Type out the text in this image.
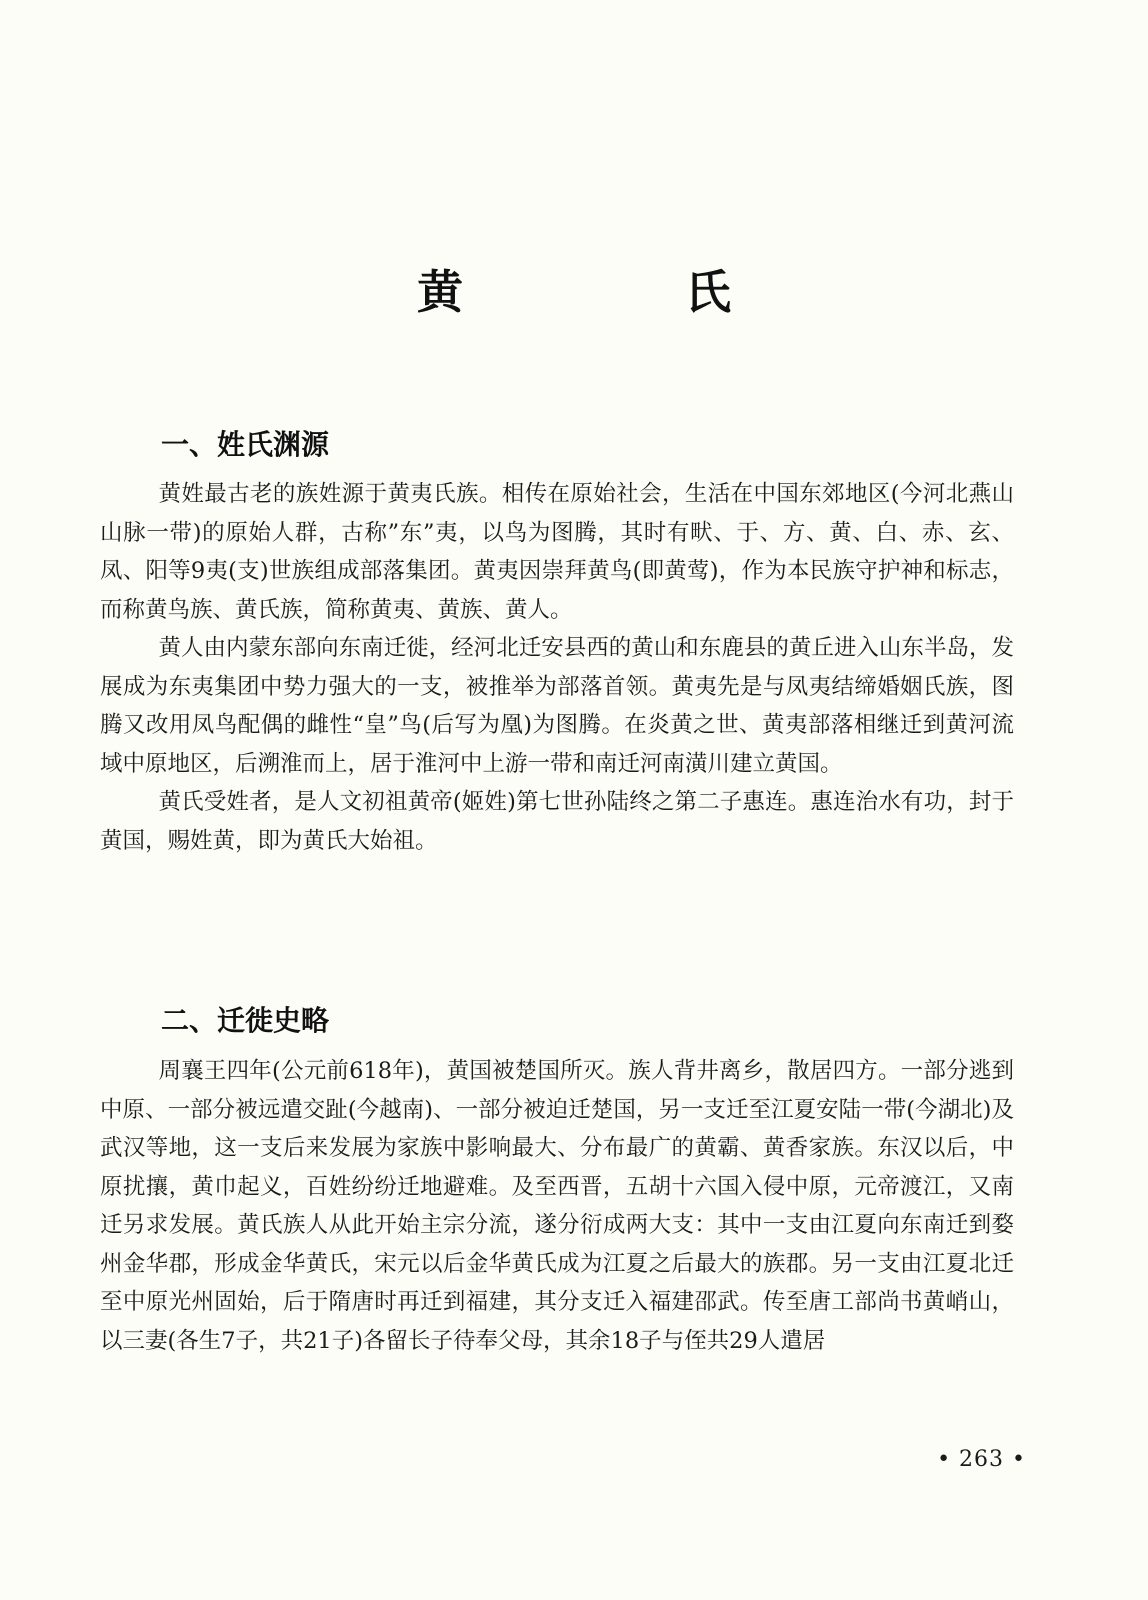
黄　氏
一、姓氏渊源

黄姓最古老的族姓源于黄夷氏族。相传在原始社会，生活在中国东郊地区(今河北燕山山脉一带)的原始人群，古称”东”夷，以鸟为图腾，其时有畎、于、方、黄、白、赤、玄、凤、阳等9夷(支)世族组成部落集团。黄夷因崇拜黄鸟(即黄莺)，作为本民族守护神和标志，而称黄鸟族、黄氏族，简称黄夷、黄族、黄人。

黄人由内蒙东部向东南迁徙，经河北迁安县西的黄山和东鹿县的黄丘进入山东半岛，发展成为东夷集团中势力强大的一支，被推举为部落首领。黄夷先是与凤夷结缔婚姻氏族，图腾又改用凤鸟配偶的雌性“皇”鸟(后写为凰)为图腾。在炎黄之世、黄夷部落相继迁到黄河流域中原地区，后溯淮而上，居于淮河中上游一带和南迁河南潢川建立黄国。

黄氏受姓者，是人文初祖黄帝(姬姓)第七世孙陆终之第二子惠连。惠连治水有功，封于黄国，赐姓黄，即为黄氏大始祖。

二、迁徙史略

周襄王四年(公元前618年)，黄国被楚国所灭。族人背井离乡，散居四方。一部分逃到中原、一部分被远遣交趾(今越南)、一部分被迫迁楚国，另一支迁至江夏安陆一带(今湖北)及武汉等地，这一支后来发展为家族中影响最大、分布最广的黄霸、黄香家族。东汉以后，中原扰攘，黄巾起义，百姓纷纷迁地避难。及至西晋，五胡十六国入侵中原，元帝渡江，又南迁另求发展。黄氏族人从此开始主宗分流，遂分衍成两大支：其中一支由江夏向东南迁到婺州金华郡，形成金华黄氏，宋元以后金华黄氏成为江夏之后最大的族郡。另一支由江夏北迁至中原光州固始，后于隋唐时再迁到福建，其分支迁入福建邵武。传至唐工部尚书黄峭山，以三妻(各生7子，共21子)各留长子待奉父母，其余18子与侄共29人遣居

• 263 •
